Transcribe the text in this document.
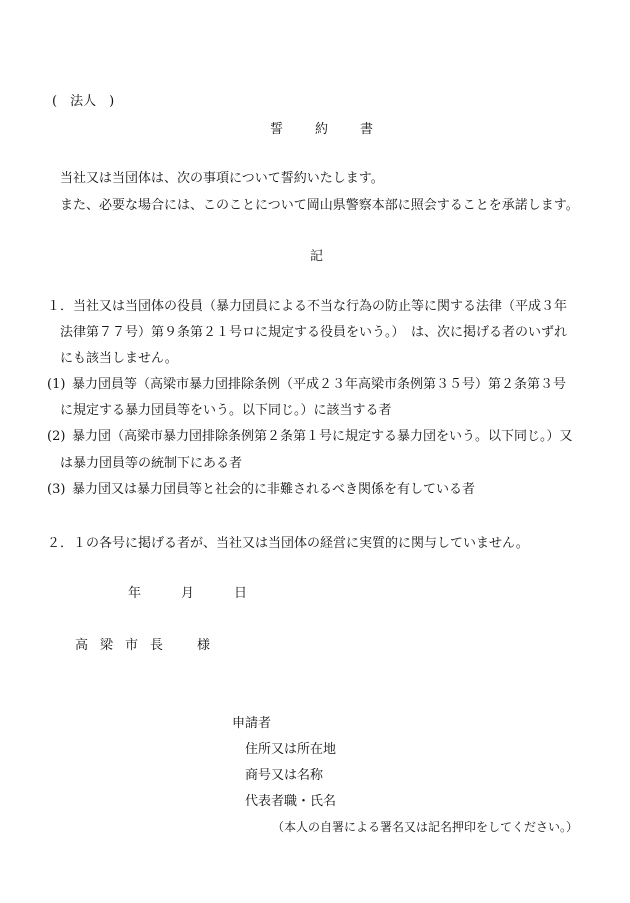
(　法人　)
誓 約 書
当社又は当団体は、次の事項について誓約いたします。
また、必要な場合には、このことについて岡山県警察本部に照会することを承諾します。
記
１．当社又は当団体の役員（暴力団員による不当な行為の防止等に関する法律（平成３年
法律第７７号）第９条第２１号ロに規定する役員をいう。）　は、次に掲げる者のいずれ
にも該当しません。
(1) 暴力団員等（高梁市暴力団排除条例（平成２３年高梁市条例第３５号）第２条第３号
に規定する暴力団員等をいう。以下同じ。）に該当する者
(2) 暴力団（高梁市暴力団排除条例第２条第１号に規定する暴力団をいう。以下同じ。）又
は暴力団員等の統制下にある者
(3) 暴力団又は暴力団員等と社会的に非難されるべき関係を有している者
２．１の各号に掲げる者が、当社又は当団体の経営に実質的に関与していません。
年	月	日
高 梁 市 長	様
申請者
住所又は所在地
商号又は名称
代表者職・氏名
（本人の自署による署名又は記名押印をしてください。）
